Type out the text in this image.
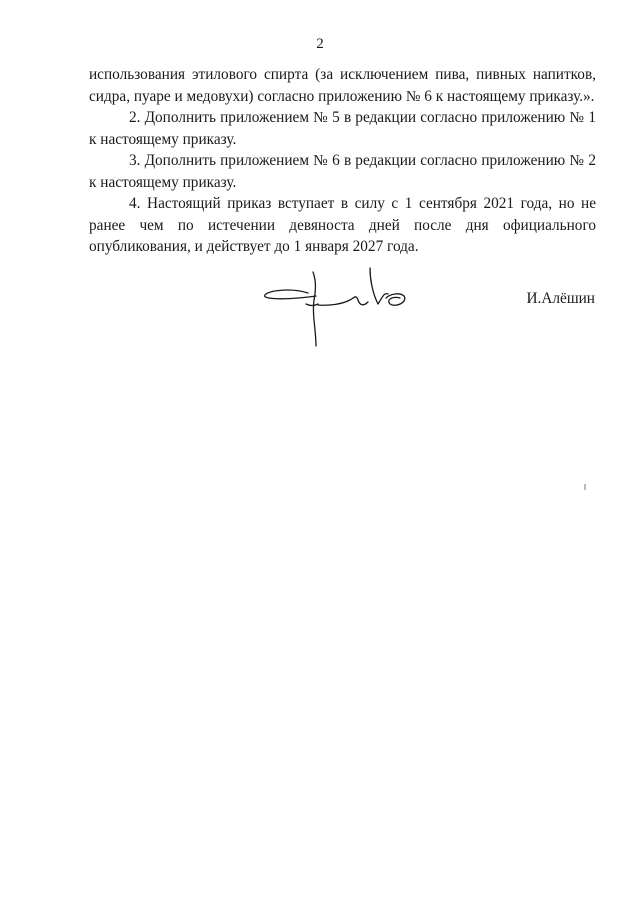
2

использования этилового спирта (за исключением пива, пивных напитков, сидра, пуаре и медовухи) согласно приложению № 6 к настоящему приказу.».

2. Дополнить приложением № 5 в редакции согласно приложению № 1 к настоящему приказу.

3. Дополнить приложением № 6 в редакции согласно приложению № 2 к настоящему приказу.

4. Настоящий приказ вступает в силу с 1 сентября 2021 года, но не ранее чем по истечении девяноста дней после дня официального опубликования, и действует до 1 января 2027 года.

И.Алёшин
